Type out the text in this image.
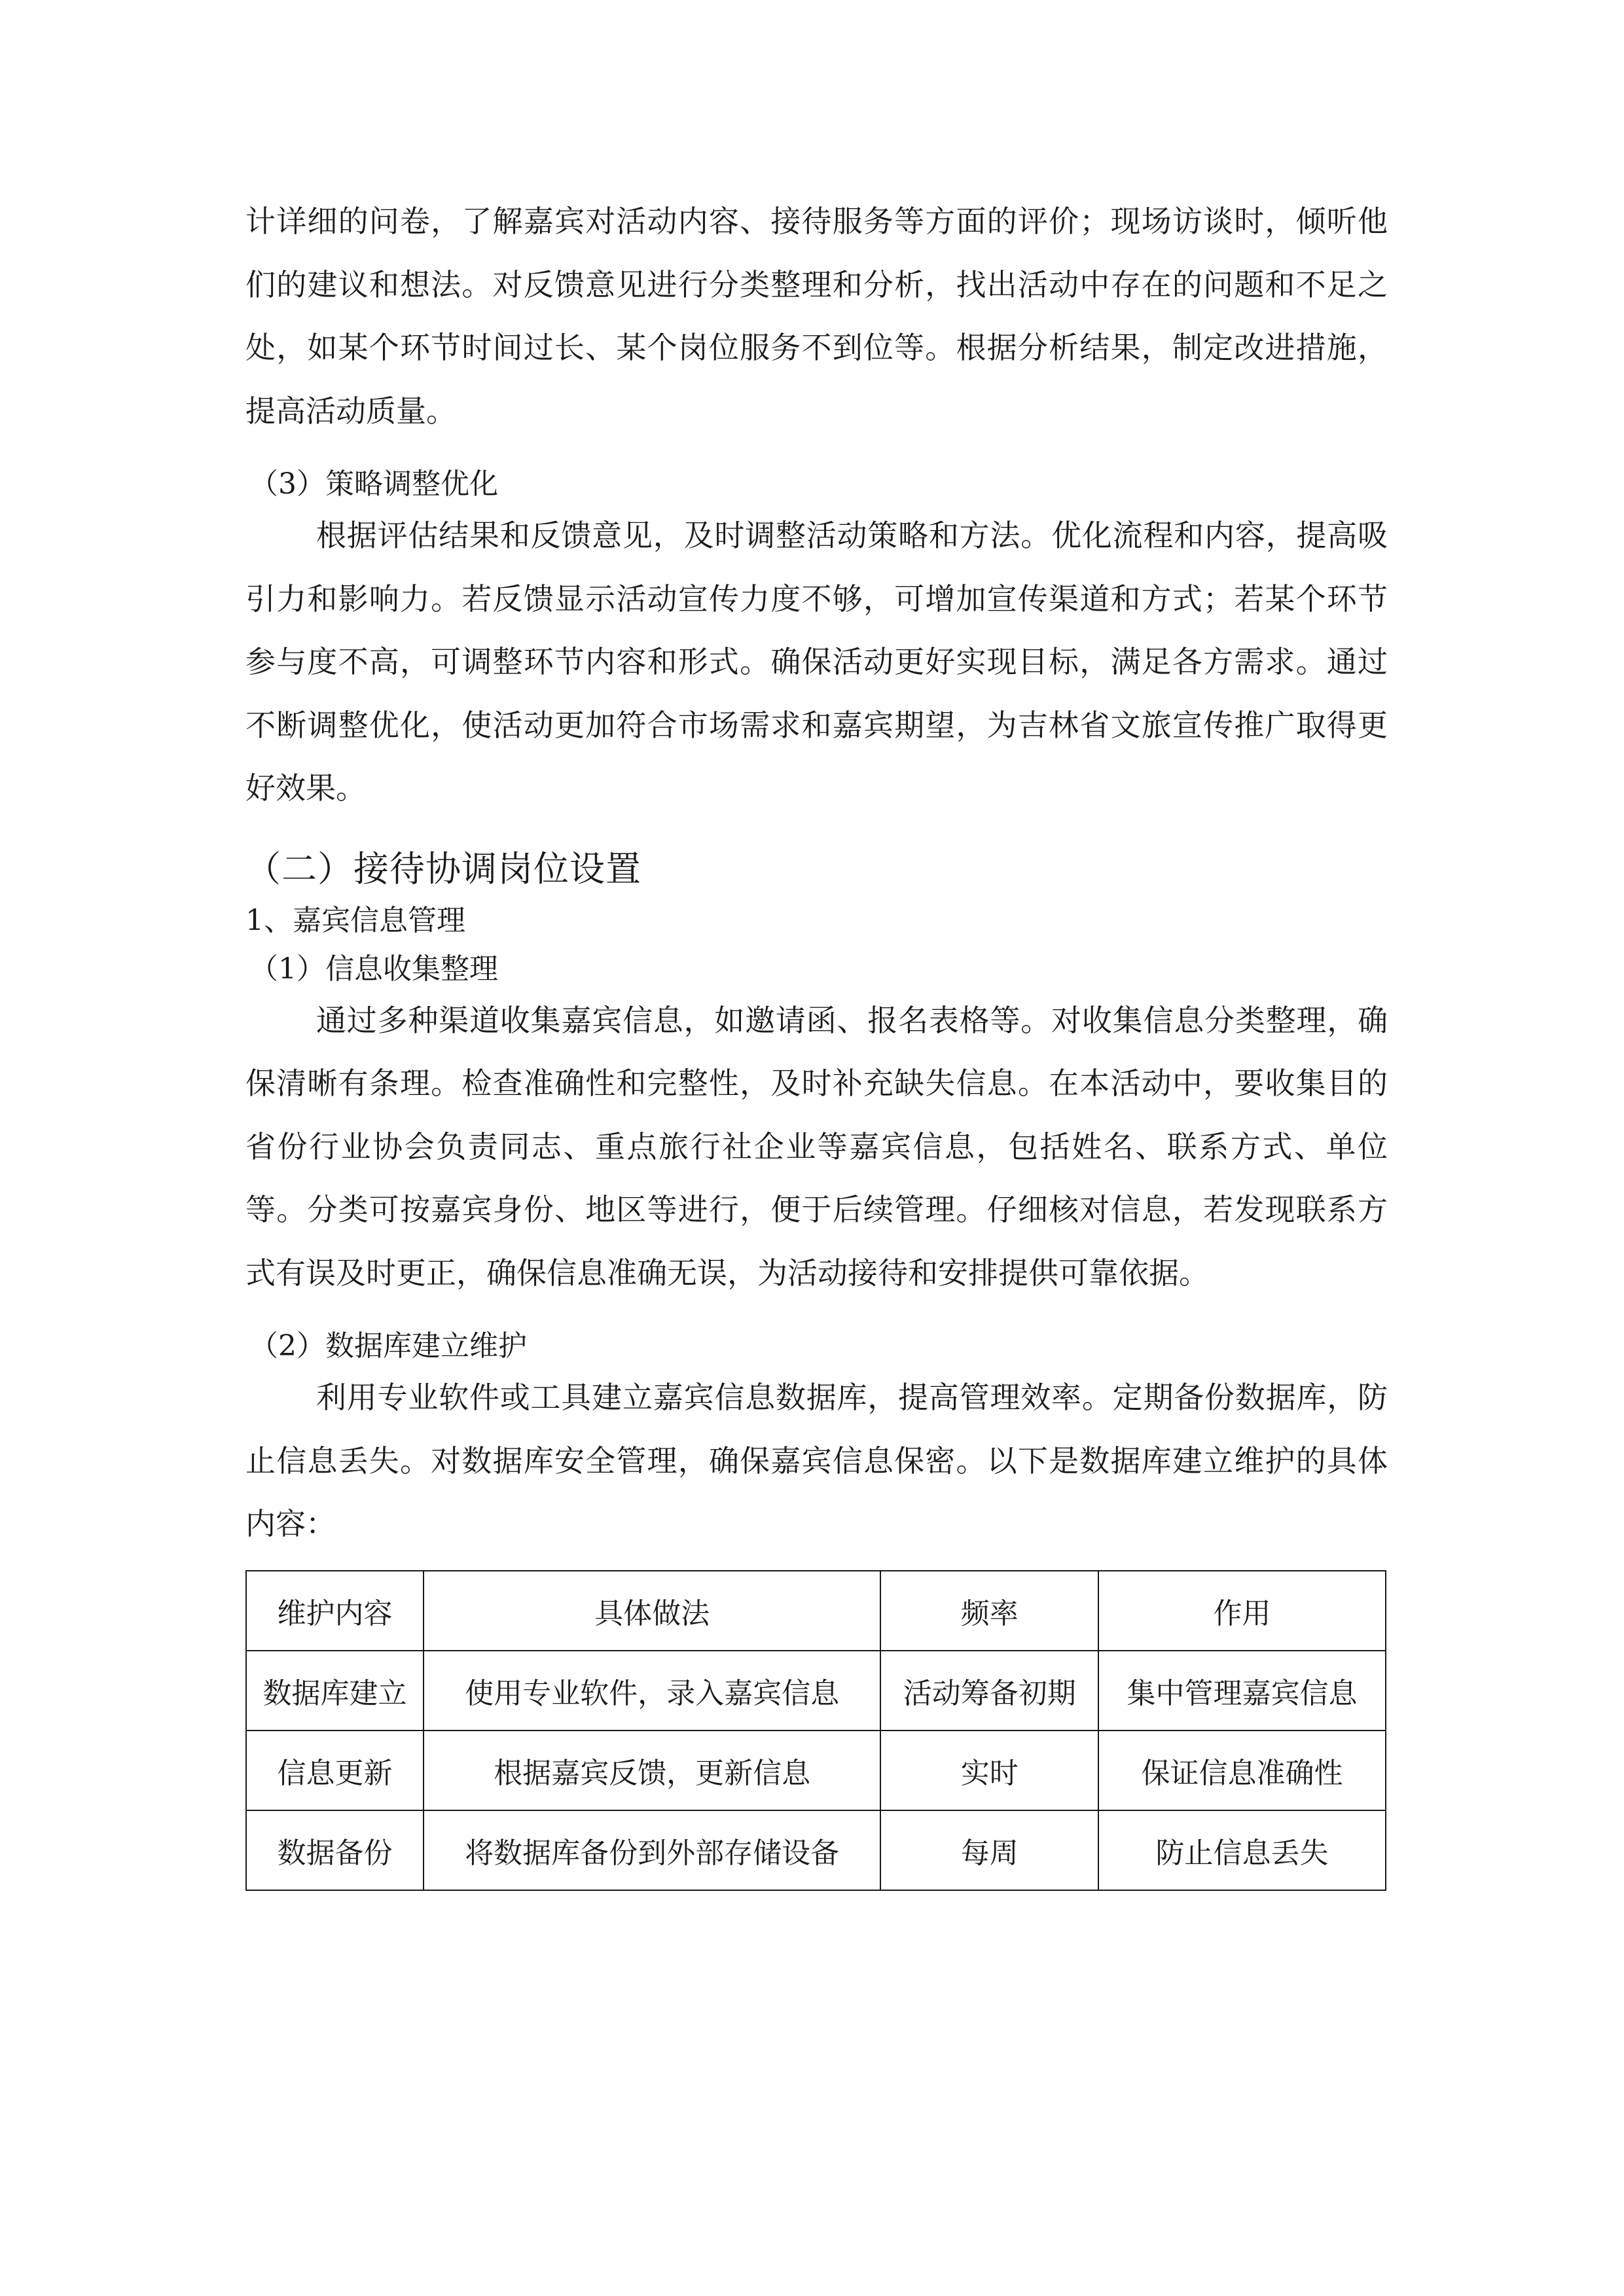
计详细的问卷，了解嘉宾对活动内容、接待服务等方面的评价；现场访谈时，倾听他们的建议和想法。对反馈意见进行分类整理和分析，找出活动中存在的问题和不足之处，如某个环节时间过长、某个岗位服务不到位等。根据分析结果，制定改进措施，提高活动质量。

（3）策略调整优化

根据评估结果和反馈意见，及时调整活动策略和方法。优化流程和内容，提高吸引力和影响力。若反馈显示活动宣传力度不够，可增加宣传渠道和方式；若某个环节参与度不高，可调整环节内容和形式。确保活动更好实现目标，满足各方需求。通过不断调整优化，使活动更加符合市场需求和嘉宾期望，为吉林省文旅宣传推广取得更好效果。

（二）接待协调岗位设置

1、嘉宾信息管理

（1）信息收集整理

通过多种渠道收集嘉宾信息，如邀请函、报名表格等。对收集信息分类整理，确保清晰有条理。检查准确性和完整性，及时补充缺失信息。在本活动中，要收集目的省份行业协会负责同志、重点旅行社企业等嘉宾信息，包括姓名、联系方式、单位等。分类可按嘉宾身份、地区等进行，便于后续管理。仔细核对信息，若发现联系方式有误及时更正，确保信息准确无误，为活动接待和安排提供可靠依据。

（2）数据库建立维护

利用专业软件或工具建立嘉宾信息数据库，提高管理效率。定期备份数据库，防止信息丢失。对数据库安全管理，确保嘉宾信息保密。以下是数据库建立维护的具体内容：

维护内容	具体做法	频率	作用
数据库建立	使用专业软件，录入嘉宾信息	活动筹备初期	集中管理嘉宾信息
信息更新	根据嘉宾反馈，更新信息	实时	保证信息准确性
数据备份	将数据库备份到外部存储设备	每周	防止信息丢失
